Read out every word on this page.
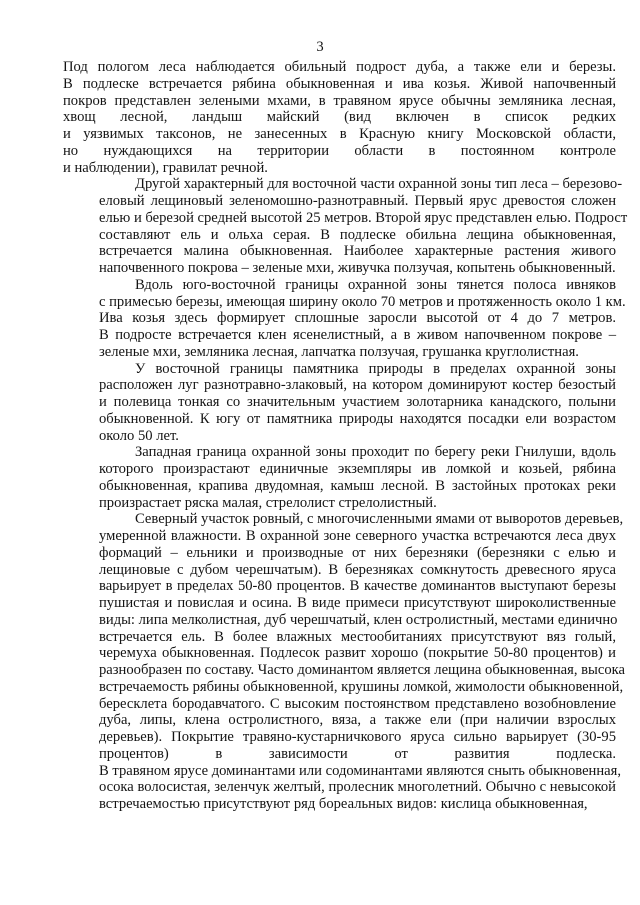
3

Под пологом леса наблюдается обильный подрост дуба, а также ели и березы.
В подлеске встречается рябина обыкновенная и ива козья. Живой напочвенный
покров представлен зелеными мхами, в травяном ярусе обычны земляника лесная,
хвощ лесной, ландыш майский (вид включен в список редких
и уязвимых таксонов, не занесенных в Красную книгу Московской области,
но нуждающихся на территории области в постоянном контроле
и наблюдении), гравилат речной.

Другой характерный для восточной части охранной зоны тип леса – березово-
еловый лещиновый зеленомошно-разнотравный. Первый ярус древостоя сложен
елью и березой средней высотой 25 метров. Второй ярус представлен елью. Подрост
составляют ель и ольха серая. В подлеске обильна лещина обыкновенная,
встречается малина обыкновенная. Наиболее характерные растения живого
напочвенного покрова – зеленые мхи, живучка ползучая, копытень обыкновенный.

Вдоль юго-восточной границы охранной зоны тянется полоса ивняков
с примесью березы, имеющая ширину около 70 метров и протяженность около 1 км.
Ива козья здесь формирует сплошные заросли высотой от 4 до 7 метров.
В подросте встречается клен ясенелистный, а в живом напочвенном покрове –
зеленые мхи, земляника лесная, лапчатка ползучая, грушанка круглолистная.

У восточной границы памятника природы в пределах охранной зоны
расположен луг разнотравно-злаковый, на котором доминируют костер безостый
и полевица тонкая со значительным участием золотарника канадского, полыни
обыкновенной. К югу от памятника природы находятся посадки ели возрастом
около 50 лет.

Западная граница охранной зоны проходит по берегу реки Гнилуши, вдоль
которого произрастают единичные экземпляры ив ломкой и козьей, рябина
обыкновенная, крапива двудомная, камыш лесной. В застойных протоках реки
произрастает ряска малая, стрелолист стрелолистный.

Северный участок ровный, с многочисленными ямами от выворотов деревьев,
умеренной влажности. В охранной зоне северного участка встречаются леса двух
формаций – ельники и производные от них березняки (березняки с елью и
лещиновые с дубом черешчатым). В березняках сомкнутость древесного яруса
варьирует в пределах 50-80 процентов. В качестве доминантов выступают березы
пушистая и повислая и осина. В виде примеси присутствуют широколиственные
виды: липа мелколистная, дуб черешчатый, клен остролистный, местами единично
встречается ель. В более влажных местообитаниях присутствуют вяз голый,
черемуха обыкновенная. Подлесок развит хорошо (покрытие 50-80 процентов) и
разнообразен по составу. Часто доминантом является лещина обыкновенная, высока
встречаемость рябины обыкновенной, крушины ломкой, жимолости обыкновенной,
бересклета бородавчатого. С высоким постоянством представлено возобновление
дуба, липы, клена остролистного, вяза, а также ели (при наличии взрослых
деревьев). Покрытие травяно-кустарничкового яруса сильно варьирует (30-95
процентов) в зависимости от развития подлеска.
В травяном ярусе доминантами или содоминантами являются сныть обыкновенная,
осока волосистая, зеленчук желтый, пролесник многолетний. Обычно с невысокой
встречаемостью присутствуют ряд бореальных видов: кислица обыкновенная,
